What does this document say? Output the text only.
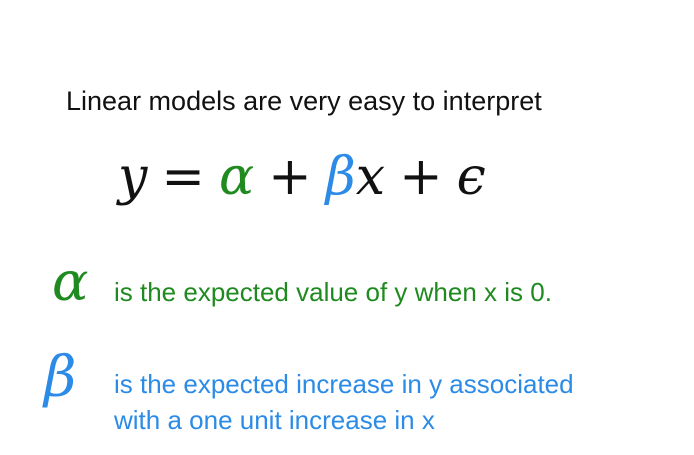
Linear models are very easy to interpret
y = α + βx + ϵ
α is the expected value of y when x is 0.
β is the expected increase in y associated
with a one unit increase in x
